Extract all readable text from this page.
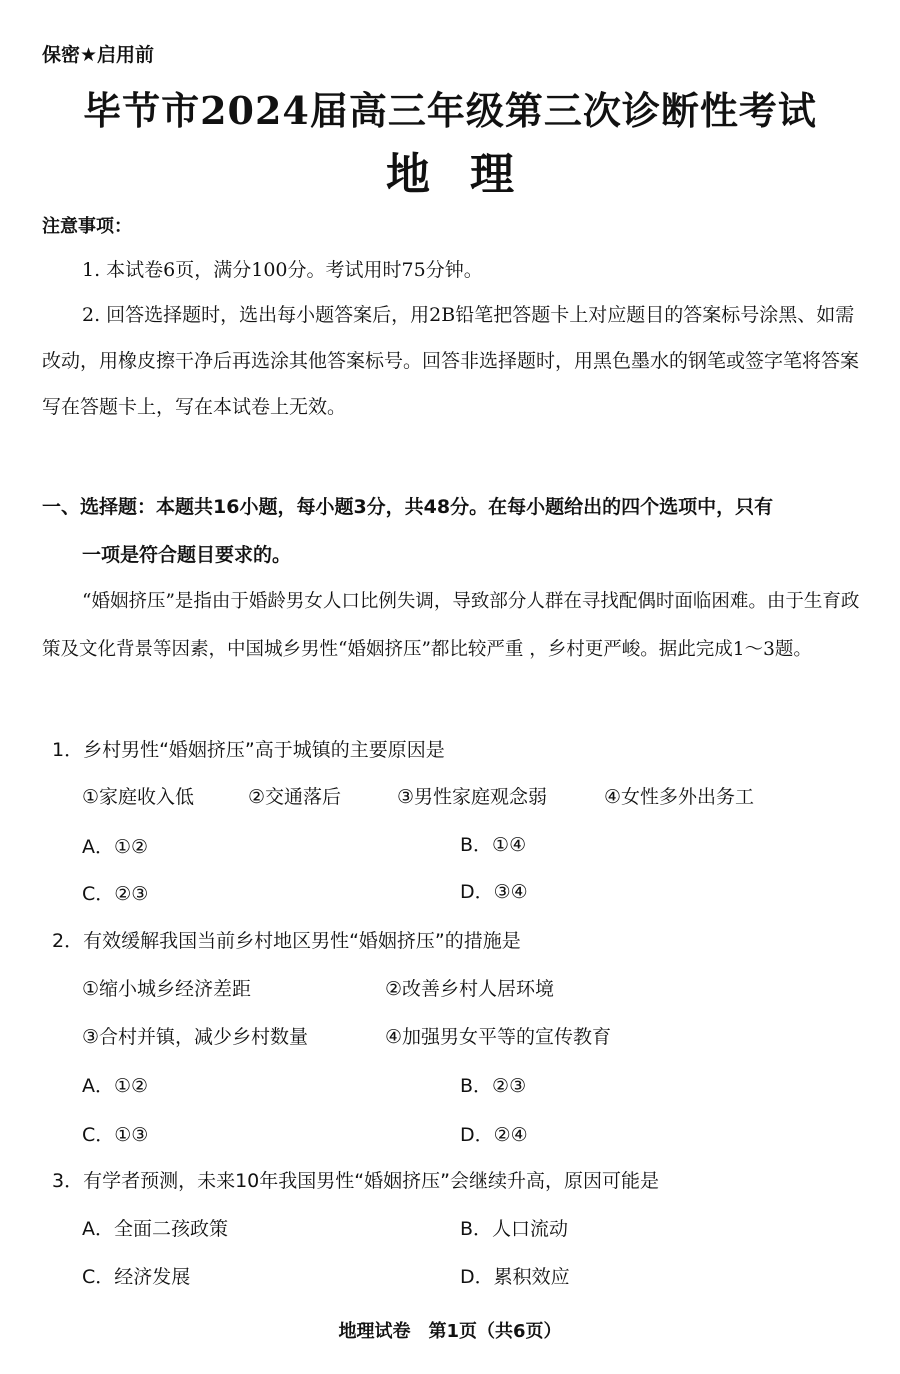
保密★启用前
毕节市2024届高三年级第三次诊断性考试
地理
注意事项：
1. 本试卷6页，满分100分。考试用时75分钟。
2. 回答选择题时，选出每小题答案后，用2B铅笔把答题卡上对应题目的答案标号涂黑、如需改动，用橡皮擦干净后再选涂其他答案标号。回答非选择题时，用黑色墨水的钢笔或签字笔将答案写在答题卡上，写在本试卷上无效。
一、选择题：本题共16小题，每小题3分，共48分。在每小题给出的四个选项中，只有
一项是符合题目要求的。
“婚姻挤压”是指由于婚龄男女人口比例失调，导致部分人群在寻找配偶时面临困难。由于生育政策及文化背景等因素，中国城乡男性“婚姻挤压”都比较严重 ，乡村更严峻。据此完成1～3题。
1．乡村男性“婚姻挤压”高于城镇的主要原因是
①家庭收入低	②交通落后	③男性家庭观念弱	④女性多外出务工
A．①②	B．①④
C．②③	D．③④
2．有效缓解我国当前乡村地区男性“婚姻挤压”的措施是
①缩小城乡经济差距	②改善乡村人居环境
③合村并镇，减少乡村数量	④加强男女平等的宣传教育
A．①②	B．②③
C．①③	D．②④
3．有学者预测，未来10年我国男性“婚姻挤压”会继续升高，原因可能是
A．全面二孩政策	B．人口流动
C．经济发展	D．累积效应
地理试卷　第1页（共6页）
